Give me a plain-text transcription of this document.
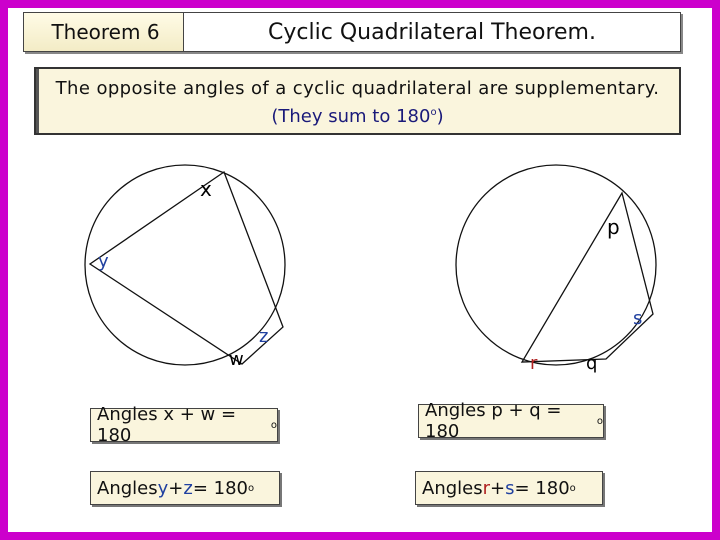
Theorem 6	Cyclic Quadrilateral Theorem.
The opposite angles of a cyclic quadrilateral are supplementary.
(They sum to 180$^o$)
x
y
z
w
p
s
r	q
Angles x + w = 180	o
Angles y + z = 180 o
Angles p + q = 180	o
Angles r + s = 180 o
